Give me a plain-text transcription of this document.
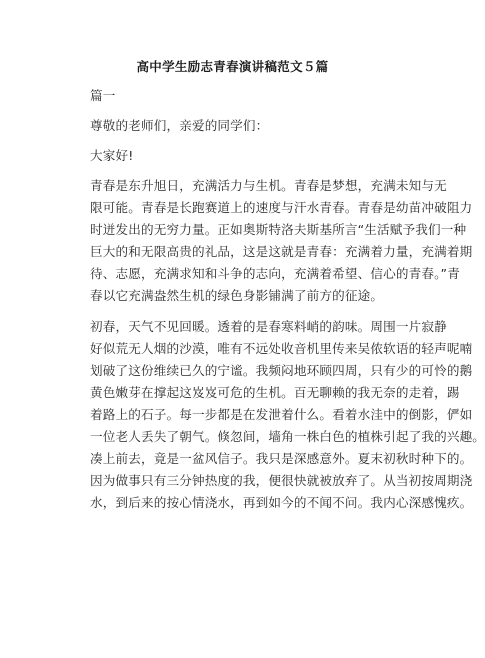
高中学生励志青春演讲稿范文５篇
篇一
尊敬的老师们，亲爱的同学们：
大家好!
青春是东升旭日，充满活力与生机。青春是梦想，充满未知与无
限可能。青春是长跑赛道上的速度与汗水青春。青春是幼苗冲破阻力
时迸发出的无穷力量。正如奥斯特洛夫斯基所言“生活赋予我们一种
巨大的和无限高贵的礼品，这是这就是青春：充满着力量，充满着期
待、志愿，充满求知和斗争的志向，充满着希望、信心的青春。”青
春以它充满盎然生机的绿色身影铺满了前方的征途。
初春，天气不见回暖。透着的是春寒料峭的韵味。周围一片寂静
好似荒无人烟的沙漠，唯有不远处收音机里传来吴侬软语的轻声呢喃
划破了这份维续已久的宁谧。我频闷地环顾四周，只有少的可怜的鹅
黄色嫩芽在撑起这岌岌可危的生机。百无聊赖的我无奈的走着，踢
着路上的石子。每一步都是在发泄着什么。看着水洼中的倒影，俨如
一位老人丢失了朝气。倏忽间，墙角一株白色的植株引起了我的兴趣。
凑上前去，竟是一盆风信子。我只是深感意外。夏末初秋时种下的。
因为做事只有三分钟热度的我，便很快就被放弃了。从当初按周期浇
水，到后来的按心情浇水，再到如今的不闻不问。我内心深感愧疚。
